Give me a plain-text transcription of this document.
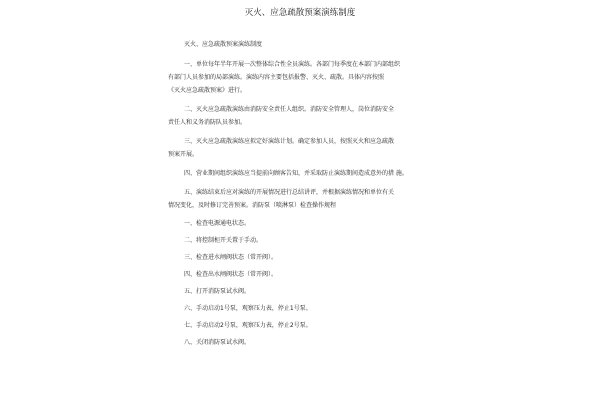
灭火、应急疏散预案演练制度
灭火、应急疏散预案演练制度
一、单位每年半年开展一次整体综合性全员演练。各部门每季度在本部门内部组织
有部门人员参加的局部演练。演练内容主要包括报警、灭火、疏散。具体内容按照
《灭火应急疏散预案》进行。
二、灭火应急疏散演练由消防安全责任人组织。消防安全管理人，岗位消防安全
责任人和义务消防队员参加。
三、灭火应急疏散演练应拟定好演练计划。确定参加人员，按照灭火和应急疏散
预案开展。
四、营业期间组织演练应当提前向顾客告知，并采取防止演练期间造成意外的措 施。
五、演练结束后应对演练的开展情况进行总结讲评，并根据演练情况和单位有关
情况变化，及时修订完善预案。消防泵（喷淋泵）检查操作规程
一、检查电源通电状态。
二、将控制柜开关置于手动。
三、检查进水闸阀状态（常开阀）。
四、检查出水闸阀状态（常开阀）。
五、打开消防泵试水阀。
六、手动启动1号泵，观察压力表，停止1号泵。
七、手动启动2号泵，观察压力表，停止2号泵。
八、关闭消防泵试水阀。
